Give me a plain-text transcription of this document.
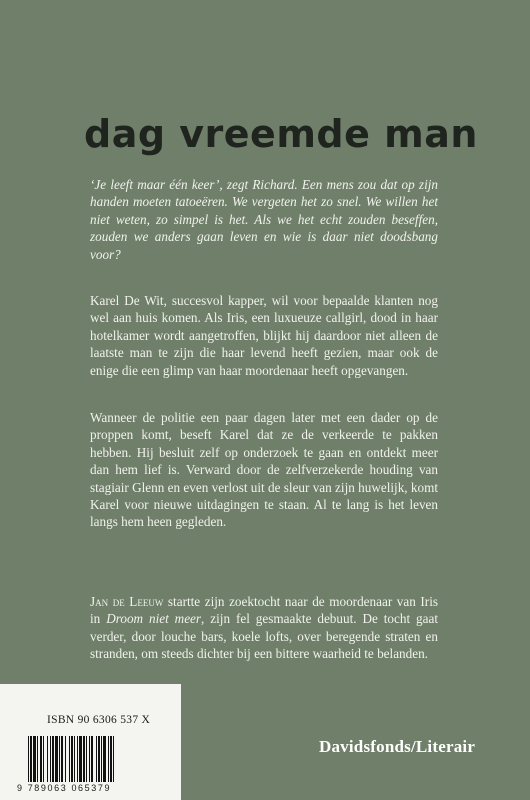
dag vreemde man
‘Je leeft maar één keer’, zegt Richard. Een mens zou dat op zijn handen moeten tatoeëren. We vergeten het zo snel. We willen het niet weten, zo simpel is het. Als we het echt zouden beseffen, zouden we anders gaan leven en wie is daar niet doodsbang voor?
Karel De Wit, succesvol kapper, wil voor bepaalde klanten nog wel aan huis komen. Als Iris, een luxueuze callgirl, dood in haar hotelkamer wordt aangetroffen, blijkt hij daardoor niet alleen de laatste man te zijn die haar levend heeft gezien, maar ook de enige die een glimp van haar moordenaar heeft opgevangen.
Wanneer de politie een paar dagen later met een dader op de proppen komt, beseft Karel dat ze de verkeerde te pakken hebben. Hij besluit zelf op onderzoek te gaan en ontdekt meer dan hem lief is. Verward door de zelfverzekerde houding van stagiair Glenn en even verlost uit de sleur van zijn huwelijk, komt Karel voor nieuwe uitdagingen te staan. Al te lang is het leven langs hem heen gegleden.
Jan de Leeuw startte zijn zoektocht naar de moordenaar van Iris in Droom niet meer, zijn fel gesmaakte debuut. De tocht gaat verder, door louche bars, koele lofts, over beregende straten en stranden, om steeds dichter bij een bittere waarheid te belanden.
ISBN 90 6306 537 X
9 789063 065379
Davidsfonds/Literair
